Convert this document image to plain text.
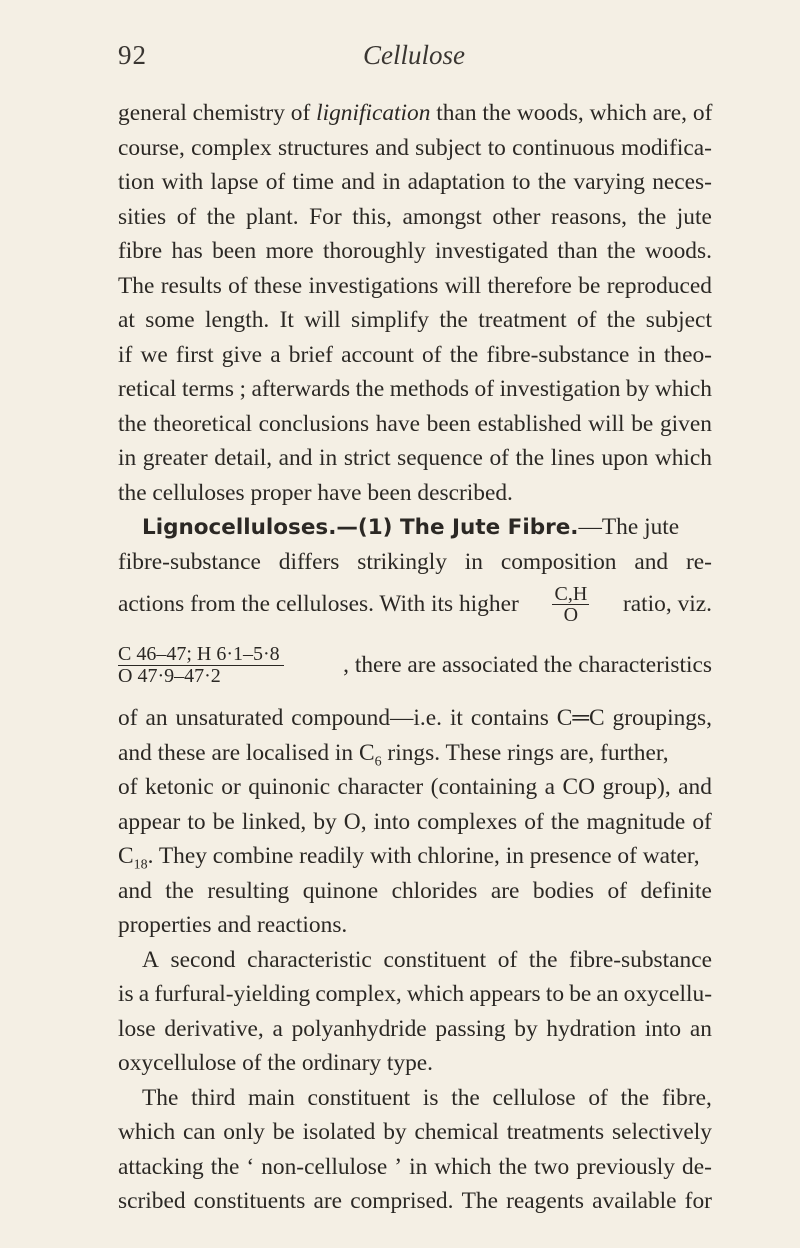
92	Cellulose
general chemistry of lignification than the woods, which are, of
course, complex structures and subject to continuous modifica-
tion with lapse of time and in adaptation to the varying neces-
sities of the plant. For this, amongst other reasons, the jute
fibre has been more thoroughly investigated than the woods.
The results of these investigations will therefore be reproduced
at some length. It will simplify the treatment of the subject
if we first give a brief account of the fibre-substance in theo-
retical terms ; afterwards the methods of investigation by which
the theoretical conclusions have been established will be given
in greater detail, and in strict sequence of the lines upon which
the celluloses proper have been described.
Lignocelluloses.—(1) The Jute Fibre.—The jute
fibre-substance differs strikingly in composition and re-
actions from the celluloses. With its higher $\frac{C,H}{O}$ ratio, viz.
$\frac{C 46-47; H 6\cdot 1-5\cdot 8}{O 47\cdot 9-47\cdot 2}$	, there are associated the characteristics
of an unsaturated compound—i.e. it contains C═C groupings,
and these are localised in $C_6$ rings. These rings are, further,
of ketonic or quinonic character (containing a CO group), and
appear to be linked, by O, into complexes of the magnitude of
$C_{18}$. They combine readily with chlorine, in presence of water,
and the resulting quinone chlorides are bodies of definite
properties and reactions.
A second characteristic constituent of the fibre-substance
is a furfural-yielding complex, which appears to be an oxycellu-
lose derivative, a polyanhydride passing by hydration into an
oxycellulose of the ordinary type.
The third main constituent is the cellulose of the fibre,
which can only be isolated by chemical treatments selectively
attacking the ‘ non-cellulose ’ in which the two previously de-
scribed constituents are comprised. The reagents available for
